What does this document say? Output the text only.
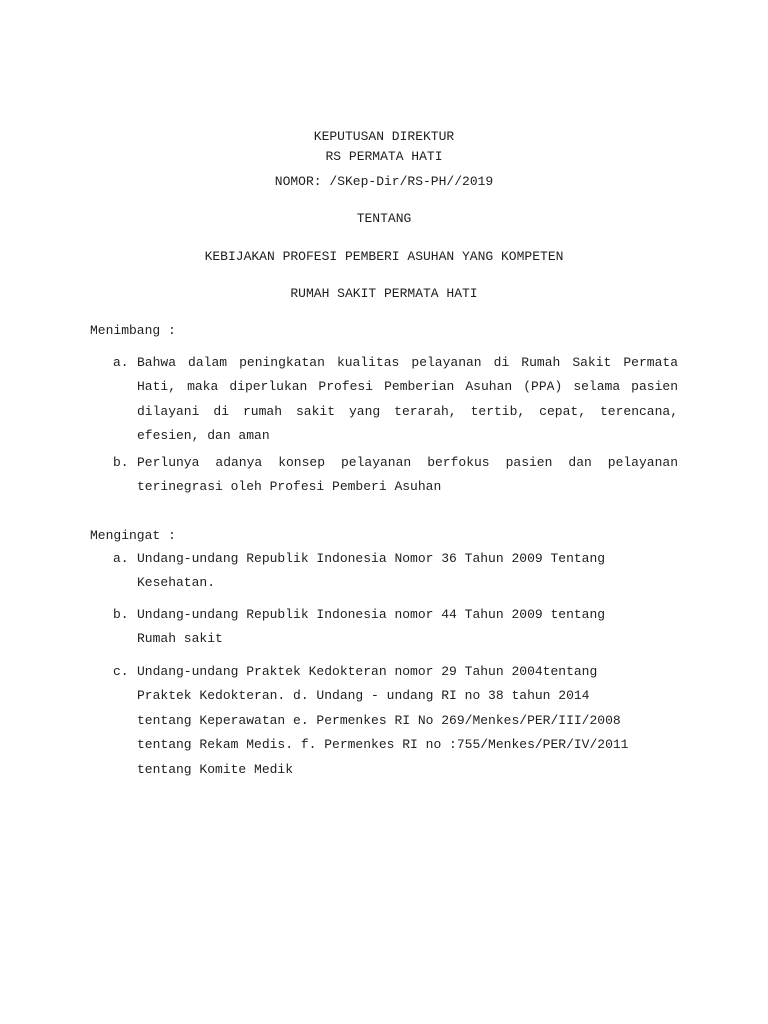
KEPUTUSAN DIREKTUR
RS PERMATA HATI
NOMOR: /SKep-Dir/RS-PH//2019
TENTANG
KEBIJAKAN PROFESI PEMBERI ASUHAN YANG KOMPETEN
RUMAH SAKIT PERMATA HATI
Menimbang :
a. Bahwa dalam peningkatan kualitas pelayanan di Rumah Sakit Permata Hati, maka diperlukan Profesi Pemberian Asuhan (PPA) selama pasien dilayani di rumah sakit yang terarah, tertib, cepat, terencana, efesien, dan aman
b. Perlunya adanya konsep pelayanan berfokus pasien dan pelayanan terinegrasi oleh Profesi Pemberi Asuhan
Mengingat :
a. Undang-undang Republik Indonesia Nomor 36 Tahun 2009 Tentang
Kesehatan.
b. Undang-undang Republik Indonesia nomor 44 Tahun 2009 tentang
Rumah sakit
c. Undang-undang Praktek Kedokteran nomor 29 Tahun 2004tentang
Praktek Kedokteran. d. Undang - undang RI no 38 tahun 2014
tentang Keperawatan e. Permenkes RI No 269/Menkes/PER/III/2008
tentang Rekam Medis. f. Permenkes RI no :755/Menkes/PER/IV/2011
tentang Komite Medik
